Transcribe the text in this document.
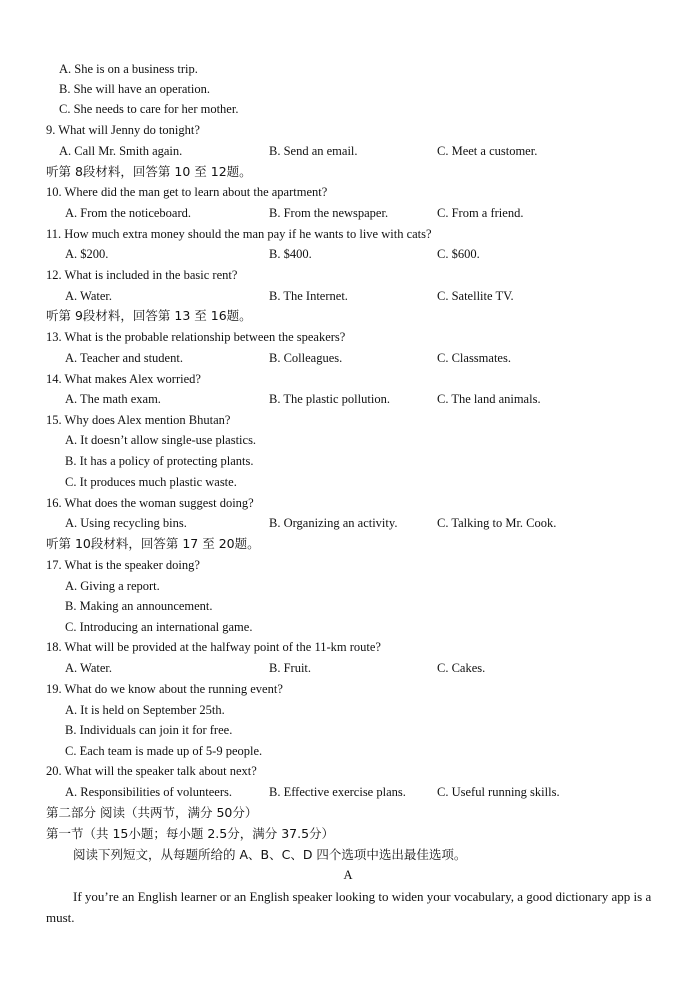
A. She is on a business trip.
B. She will have an operation.
C. She needs to care for her mother.
9. What will Jenny do tonight?
A. Call Mr. Smith again.	B. Send an email.	C. Meet a customer.
听第 8段材料，回答第 10 至 12题。
10. Where did the man get to learn about the apartment?
A. From the noticeboard.	B. From the newspaper.	C. From a friend.
11. How much extra money should the man pay if he wants to live with cats?
A. $200.	B. $400.	C. $600.
12. What is included in the basic rent?
A. Water.	B. The Internet.	C. Satellite TV.
听第 9段材料，回答第 13 至 16题。
13. What is the probable relationship between the speakers?
A. Teacher and student.	B. Colleagues.	C. Classmates.
14. What makes Alex worried?
A. The math exam.	B. The plastic pollution.	C. The land animals.
15. Why does Alex mention Bhutan?
A. It doesn’t allow single-use plastics.
B. It has a policy of protecting plants.
C. It produces much plastic waste.
16. What does the woman suggest doing?
A. Using recycling bins.	B. Organizing an activity.	C. Talking to Mr. Cook.
听第 10段材料，回答第 17 至 20题。
17. What is the speaker doing?
A. Giving a report.
B. Making an announcement.
C. Introducing an international game.
18. What will be provided at the halfway point of the 11-km route?
A. Water.	B. Fruit.	C. Cakes.
19. What do we know about the running event?
A. It is held on September 25th.
B. Individuals can join it for free.
C. Each team is made up of 5-9 people.
20. What will the speaker talk about next?
A. Responsibilities of volunteers.	B. Effective exercise plans. C. Useful running skills.
第二部分 阅读（共两节，满分 50分）
第一节（共 15小题；每小题 2.5分，满分 37.5分）
阅读下列短文，从每题所给的 A、B、C、D 四个选项中选出最佳选项。
A
If you’re an English learner or an English speaker looking to widen your vocabulary, a good dictionary app is a must.
